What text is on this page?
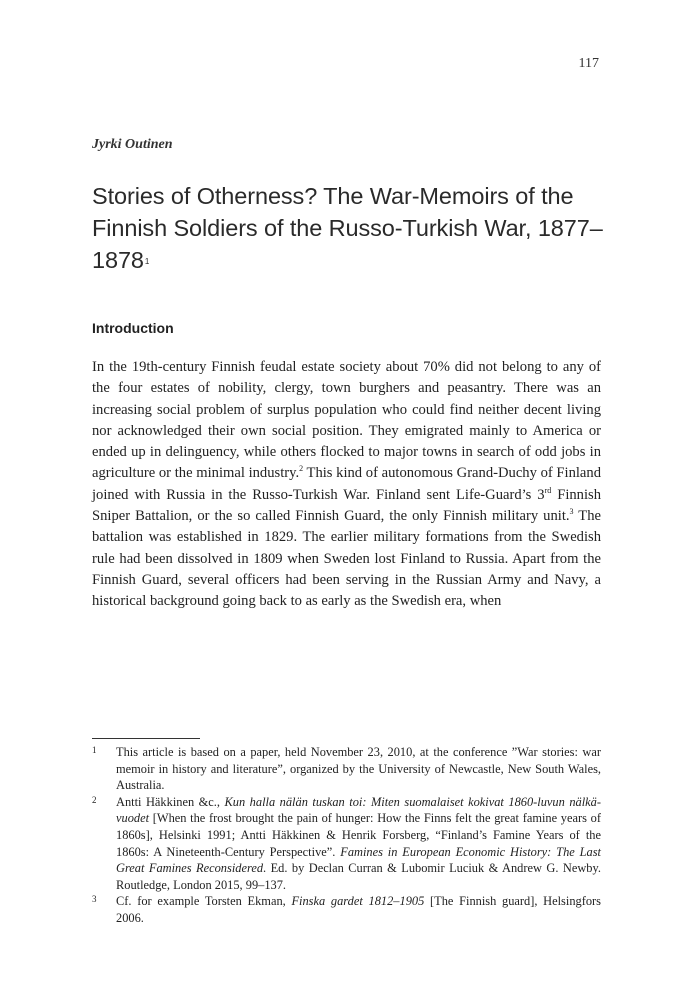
117
Jyrki Outinen
Stories of Otherness? The War-Memoirs of the Finnish Soldiers of the Russo-Turkish War, 1877–1878$^1$
Introduction

In the 19th-century Finnish feudal estate society about 70% did not belong to any of the four estates of nobility, clergy, town burghers and peasantry. There was an increasing social problem of surplus population who could find neither decent living nor acknowledged their own social position. They emigrated mainly to America or ended up in delinguency, while others flocked to major towns in search of odd jobs in agriculture or the minimal industry.$^2$ This kind of autonomous Grand-Duchy of Finland joined with Russia in the Russo-Turkish War. Finland sent Life-Guard’s 3rd Finnish Sniper Battalion, or the so called Finnish Guard, the only Finnish military unit.$^3$ The battalion was established in 1829. The earlier military formations from the Swedish rule had been dissolved in 1809 when Sweden lost Finland to Russia. Apart from the Finnish Guard, several officers had been serving in the Russian Army and Navy, a historical background going back to as early as the Swedish era, when

1 This article is based on a paper, held November 23, 2010, at the conference ”War stories: war memoir in history and literature”, organized by the University of Newcastle, New South Wales, Australia.
2 Antti Häkkinen &c., Kun halla nälän tuskan toi: Miten suomalaiset kokivat 1860-luvun nälkä-vuodet [When the frost brought the pain of hunger: How the Finns felt the great famine years of 1860s], Helsinki 1991; Antti Häkkinen & Henrik Forsberg, “Finland’s Famine Years of the 1860s: A Nineteenth-Century Perspective”. Famines in European Economic History: The Last Great Famines Reconsidered. Ed. by Declan Curran & Lubomir Luciuk & Andrew G. Newby. Routledge, London 2015, 99–137.
3 Cf. for example Torsten Ekman, Finska gardet 1812–1905 [The Finnish guard], Helsingfors 2006.
